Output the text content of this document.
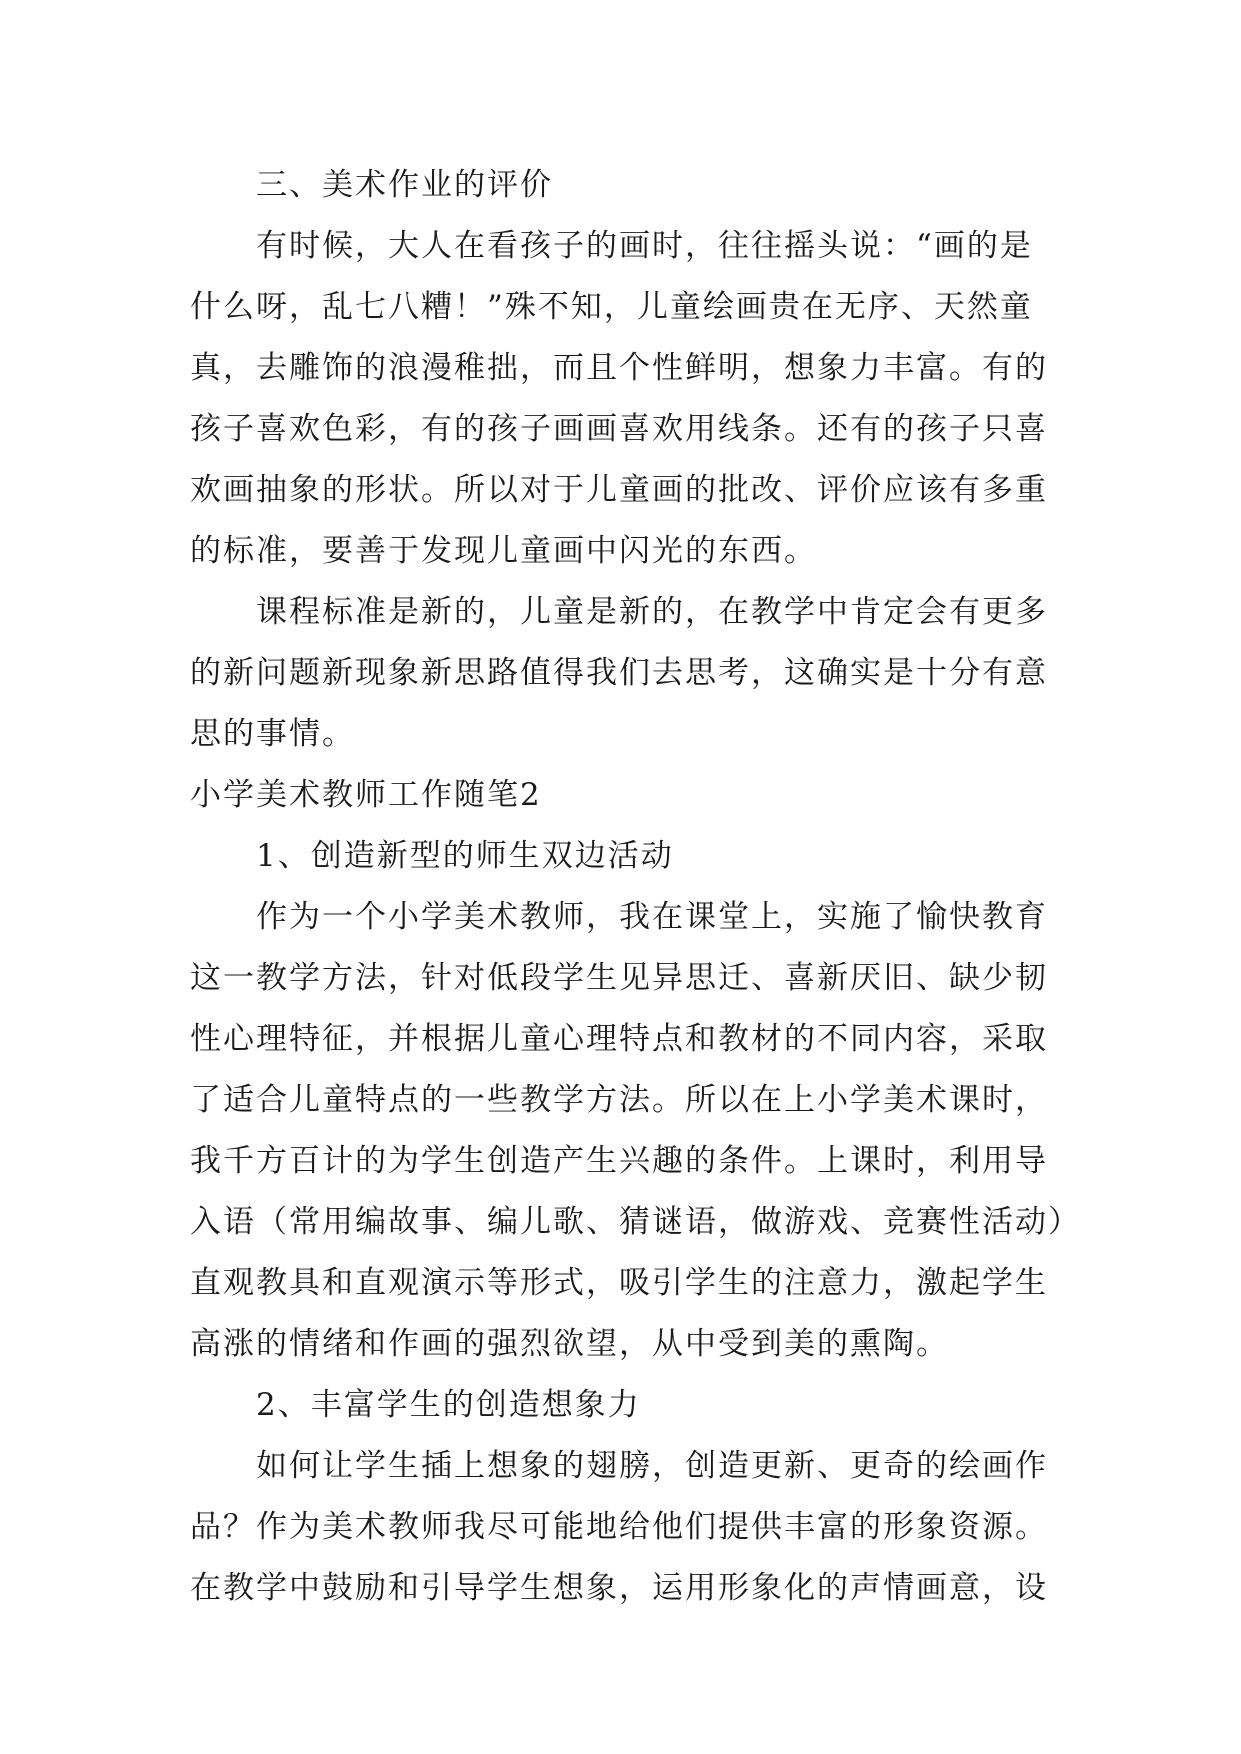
三、美术作业的评价
有时候，大人在看孩子的画时，往往摇头说：“画的是
什么呀，乱七八糟！”殊不知，儿童绘画贵在无序、天然童
真，去雕饰的浪漫稚拙，而且个性鲜明，想象力丰富。有的
孩子喜欢色彩，有的孩子画画喜欢用线条。还有的孩子只喜
欢画抽象的形状。所以对于儿童画的批改、评价应该有多重
的标准，要善于发现儿童画中闪光的东西。
课程标准是新的，儿童是新的，在教学中肯定会有更多
的新问题新现象新思路值得我们去思考，这确实是十分有意
思的事情。
小学美术教师工作随笔2
1、创造新型的师生双边活动
作为一个小学美术教师，我在课堂上，实施了愉快教育
这一教学方法，针对低段学生见异思迁、喜新厌旧、缺少韧
性心理特征，并根据儿童心理特点和教材的不同内容，采取
了适合儿童特点的一些教学方法。所以在上小学美术课时，
我千方百计的为学生创造产生兴趣的条件。上课时，利用导
入语（常用编故事、编儿歌、猜谜语，做游戏、竞赛性活动）
直观教具和直观演示等形式，吸引学生的注意力，激起学生
高涨的情绪和作画的强烈欲望，从中受到美的熏陶。
2、丰富学生的创造想象力
如何让学生插上想象的翅膀，创造更新、更奇的绘画作
品？作为美术教师我尽可能地给他们提供丰富的形象资源。
在教学中鼓励和引导学生想象，运用形象化的声情画意，设
